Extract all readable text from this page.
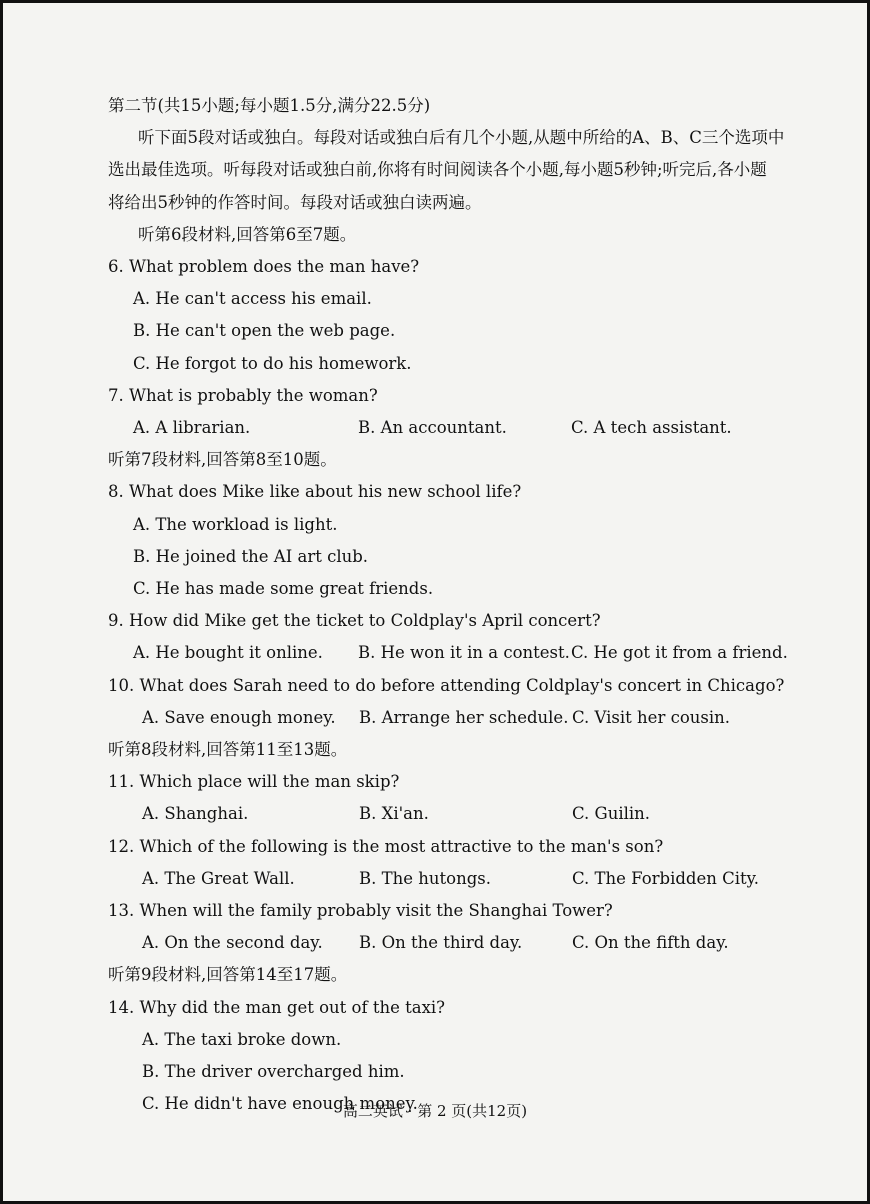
第二节(共15小题;每小题1.5分,满分22.5分)
听下面5段对话或独白。每段对话或独白后有几个小题,从题中所给的A、B、C三个选项中
选出最佳选项。听每段对话或独白前,你将有时间阅读各个小题,每小题5秒钟;听完后,各小题
将给出5秒钟的作答时间。每段对话或独白读两遍。
听第6段材料,回答第6至7题。
6. What problem does the man have?
A. He can't access his email.
B. He can't open the web page.
C. He forgot to do his homework.
7. What is probably the woman?
A. A librarian.	B. An accountant.	C. A tech assistant.
听第7段材料,回答第8至10题。
8. What does Mike like about his new school life?
A. The workload is light.
B. He joined the AI art club.
C. He has made some great friends.
9. How did Mike get the ticket to Coldplay's April concert?
A. He bought it online.	B. He won it in a contest. C. He got it from a friend.
10. What does Sarah need to do before attending Coldplay's concert in Chicago?
A. Save enough money.	B. Arrange her schedule. C. Visit her cousin.
听第8段材料,回答第11至13题。
11. Which place will the man skip?
A. Shanghai.	B. Xi'an.	C. Guilin.
12. Which of the following is the most attractive to the man's son?
A. The Great Wall.	B. The hutongs.	C. The Forbidden City.
13. When will the family probably visit the Shanghai Tower?
A. On the second day.	B. On the third day.	C. On the fifth day.
听第9段材料,回答第14至17题。
14. Why did the man get out of the taxi?
A. The taxi broke down.
B. The driver overcharged him.
C. He didn't have enough money.
高二英试 · 第 2 页(共12页)
